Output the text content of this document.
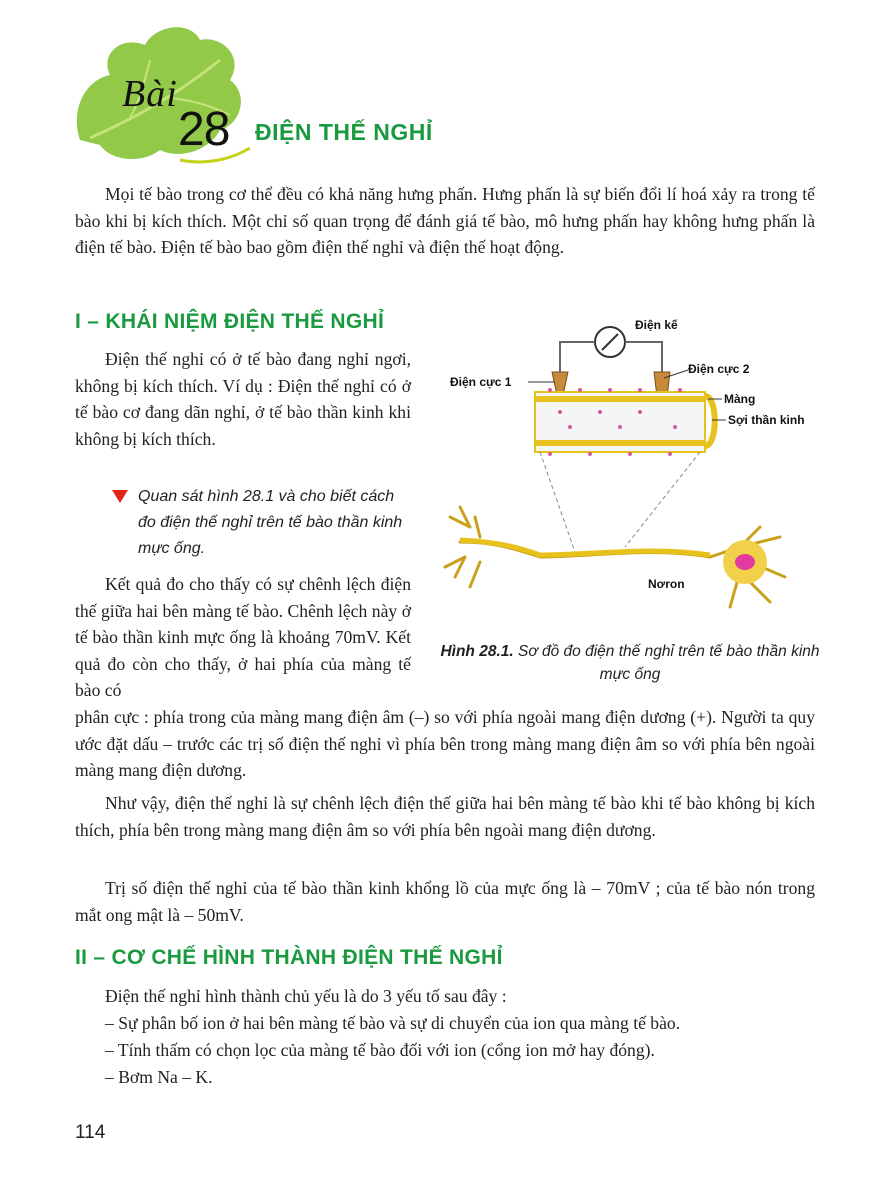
Bài
28 ĐIỆN THẾ NGHỈ

Mọi tế bào trong cơ thể đều có khả năng hưng phấn. Hưng phấn là sự biến đổi lí hoá xảy ra trong tế bào khi bị kích thích. Một chỉ số quan trọng để đánh giá tế bào, mô hưng phấn hay không hưng phấn là điện tế bào. Điện tế bào bao gồm điện thế nghỉ và điện thế hoạt động.

I – KHÁI NIỆM ĐIỆN THẾ NGHỈ

Điện thế nghỉ có ở tế bào đang nghỉ ngơi, không bị kích thích. Ví dụ : Điện thế nghỉ có ở tế bào cơ đang dãn nghỉ, ở tế bào thần kinh khi không bị kích thích.

Quan sát hình 28.1 và cho biết cách đo điện thế nghỉ trên tế bào thần kinh mực ống.

Kết quả đo cho thấy có sự chênh lệch điện thế giữa hai bên màng tế bào. Chênh lệch này ở tế bào thần kinh mực ống là khoảng 70mV. Kết quả đo còn cho thấy, ở hai phía của màng tế bào có

phân cực : phía trong của màng mang điện âm (–) so với phía ngoài mang điện dương (+). Người ta quy ước đặt dấu – trước các trị số điện thế nghỉ vì phía bên trong màng mang điện âm so với phía bên ngoài màng mang điện dương.

Như vậy, điện thế nghỉ là sự chênh lệch điện thế giữa hai bên màng tế bào khi tế bào không bị kích thích, phía bên trong màng mang điện âm so với phía bên ngoài mang điện dương.

Trị số điện thế nghỉ của tế bào thần kinh khổng lồ của mực ống là – 70mV ; của tế bào nón trong mắt ong mật là – 50mV.

Điện kế
Điện cực 1
Điện cực 2
Màng
Sợi thần kinh
Nơron

Hình 28.1. Sơ đồ đo điện thế nghỉ trên tế bào thần kinh mực ống

II – CƠ CHẾ HÌNH THÀNH ĐIỆN THẾ NGHỈ

Điện thế nghỉ hình thành chủ yếu là do 3 yếu tố sau đây :

– Sự phân bố ion ở hai bên màng tế bào và sự di chuyển của ion qua màng tế bào.

– Tính thấm có chọn lọc của màng tế bào đối với ion (cổng ion mở hay đóng).

– Bơm Na – K.

114
